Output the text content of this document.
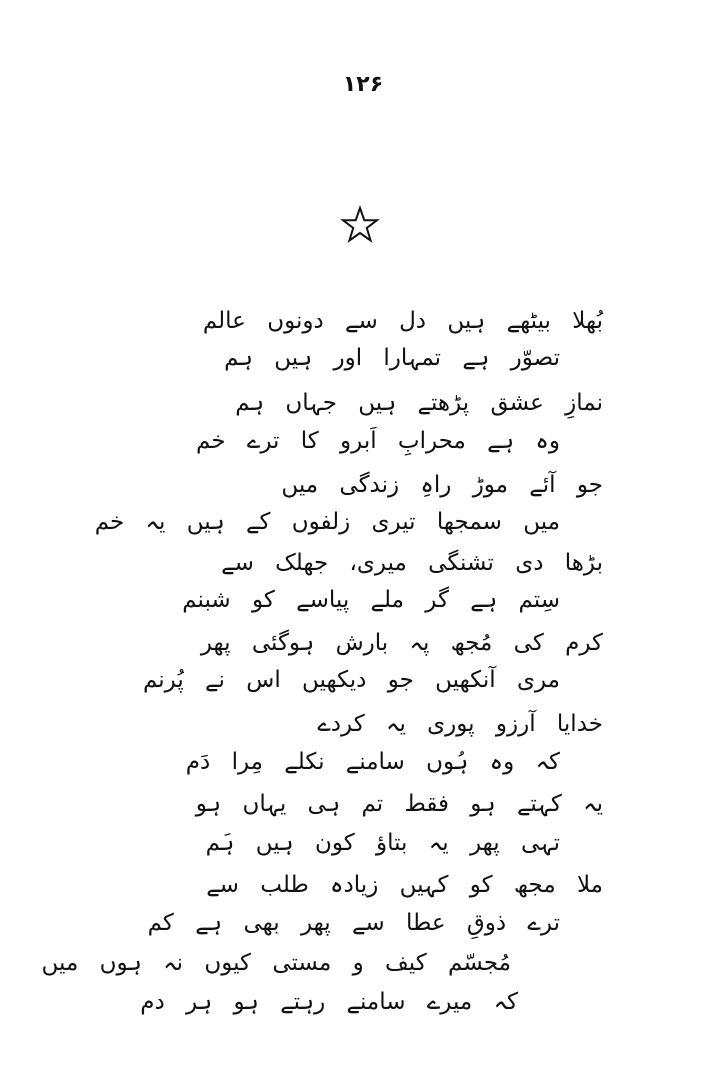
۱۲۶
بُھلا بیٹھے ہیں دل سے دونوں عالم
تصوّر ہے تمہارا اور ہیں ہم
نمازِ عشق پڑھتے ہیں جہاں ہم
وہ ہے محرابِ اَبرو کا ترے خم
جو آئے موڑ راہِ زندگی میں
میں سمجھا تیری زلفوں کے ہیں یہ خم
بڑھا دی تشنگی میری، جھلک سے
سِتم ہے گر ملے پیاسے کو شبنم
کرم کی مُجھ پہ بارش ہوگئی پھر
مری آنکھیں جو دیکھیں اس نے پُرنم
خدایا آرزو پوری یہ کردے
کہ وہ ہُوں سامنے نکلے مِرا دَم
یہ کہتے ہو فقط تم ہی یہاں ہو
تہی پھر یہ بتاؤ کون ہیں ہَم
ملا مجھ کو کہیں زیادہ طلب سے
ترے ذوقِ عطا سے پھر بھی ہے کم
مُجسّم کیف و مستی کیوں نہ ہوں میں
کہ میرے سامنے رہتے ہو ہر دم
